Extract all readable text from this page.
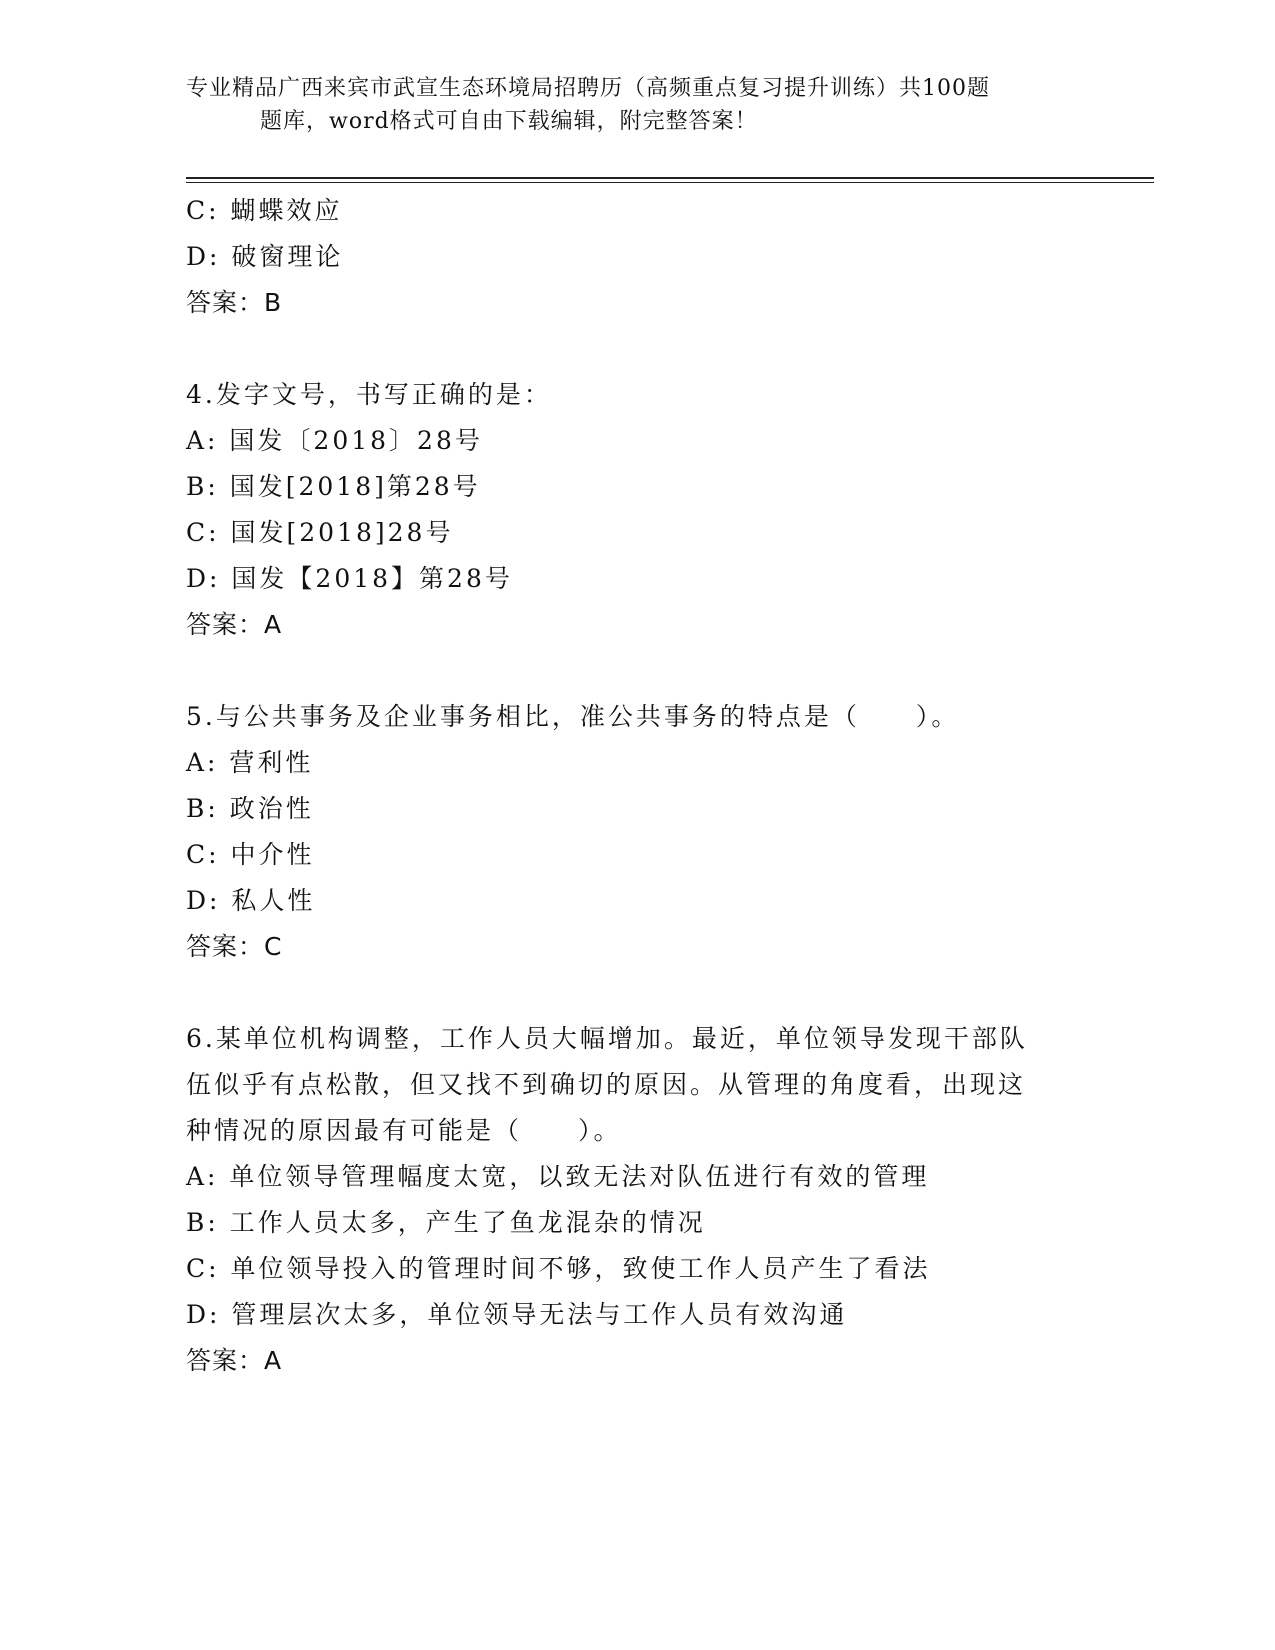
专业精品广西来宾市武宣生态环境局招聘历（高频重点复习提升训练）共100题
题库，word格式可自由下载编辑，附完整答案！
C: 蝴蝶效应
D: 破窗理论
答案：B
4.发字文号，书写正确的是：
A: 国发〔2018〕28号
B: 国发[2018]第28号
C: 国发[2018]28号
D: 国发【2018】第28号
答案：A
5.与公共事务及企业事务相比，准公共事务的特点是（　　）。
A: 营利性
B: 政治性
C: 中介性
D: 私人性
答案：C
6.某单位机构调整，工作人员大幅增加。最近，单位领导发现干部队
伍似乎有点松散，但又找不到确切的原因。从管理的角度看，出现这
种情况的原因最有可能是（　　）。
A: 单位领导管理幅度太宽，以致无法对队伍进行有效的管理
B: 工作人员太多，产生了鱼龙混杂的情况
C: 单位领导投入的管理时间不够，致使工作人员产生了看法
D: 管理层次太多，单位领导无法与工作人员有效沟通
答案：A
